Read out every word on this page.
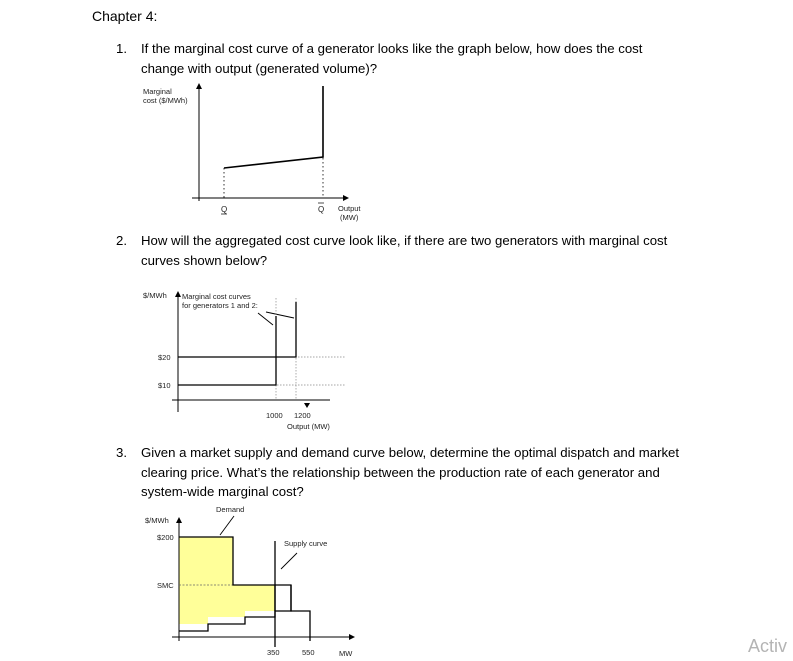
Chapter 4:
1. If the marginal cost curve of a generator looks like the graph below, how does the cost
change with output (generated volume)?
2. How will the aggregated cost curve look like, if there are two generators with marginal cost
curves shown below?
3. Given a market supply and demand curve below, determine the optimal dispatch and market
clearing price. What’s the relationship between the production rate of each generator and
system-wide marginal cost?
Marginal
cost ($/MWh)
Q	Q Output
(MW)
$/MWh Marginal cost curves
for generators 1 and 2:
$20
$10
1000 1200
Output (MW)
Demand
$/MWh
Supply curve
$200
SMC
350	550	MW	Activ
